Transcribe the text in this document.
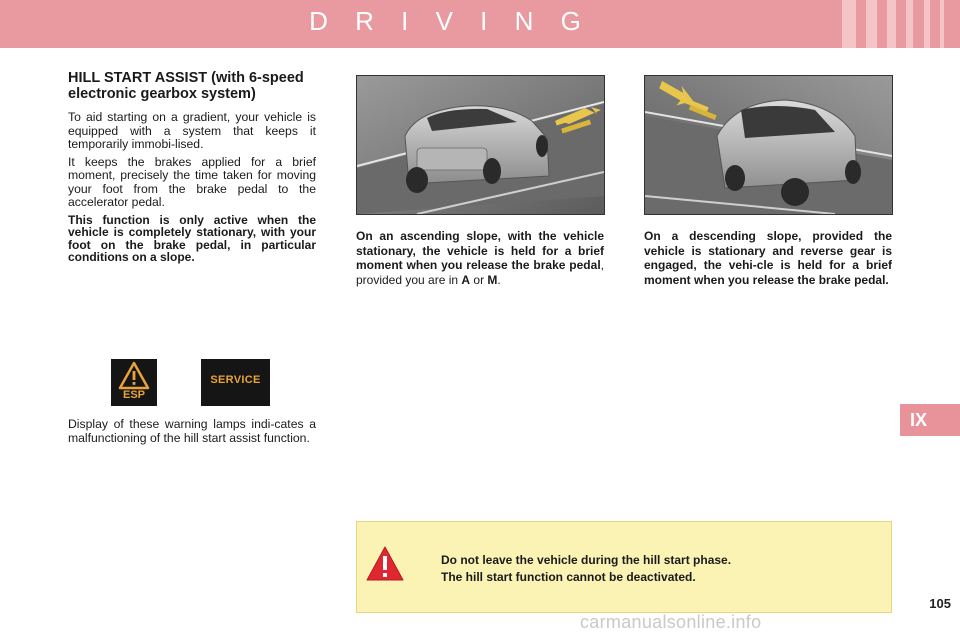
D R I V I N G
IX
HILL START ASSIST (with 6-speed electronic gearbox system)

To aid starting on a gradient, your vehicle is equipped with a system that keeps it temporarily immobi-lised.

It keeps the brakes applied for a brief moment, precisely the time taken for moving your foot from the brake pedal to the accelerator pedal.

This function is only active when the vehicle is completely stationary, with your foot on the brake pedal, in particular conditions on a slope.

ESP
SERVICE

Display of these warning lamps indi-cates a malfunctioning of the hill start assist function.

On an ascending slope, with the vehicle stationary, the vehicle is held for a brief moment when you release the brake pedal, provided you are in A or M.

On a descending slope, provided the vehicle is stationary and reverse gear is engaged, the vehi-cle is held for a brief moment when you release the brake pedal.

Do not leave the vehicle during the hill start phase.
The hill start function cannot be deactivated.
105
carmanualsonline.info
